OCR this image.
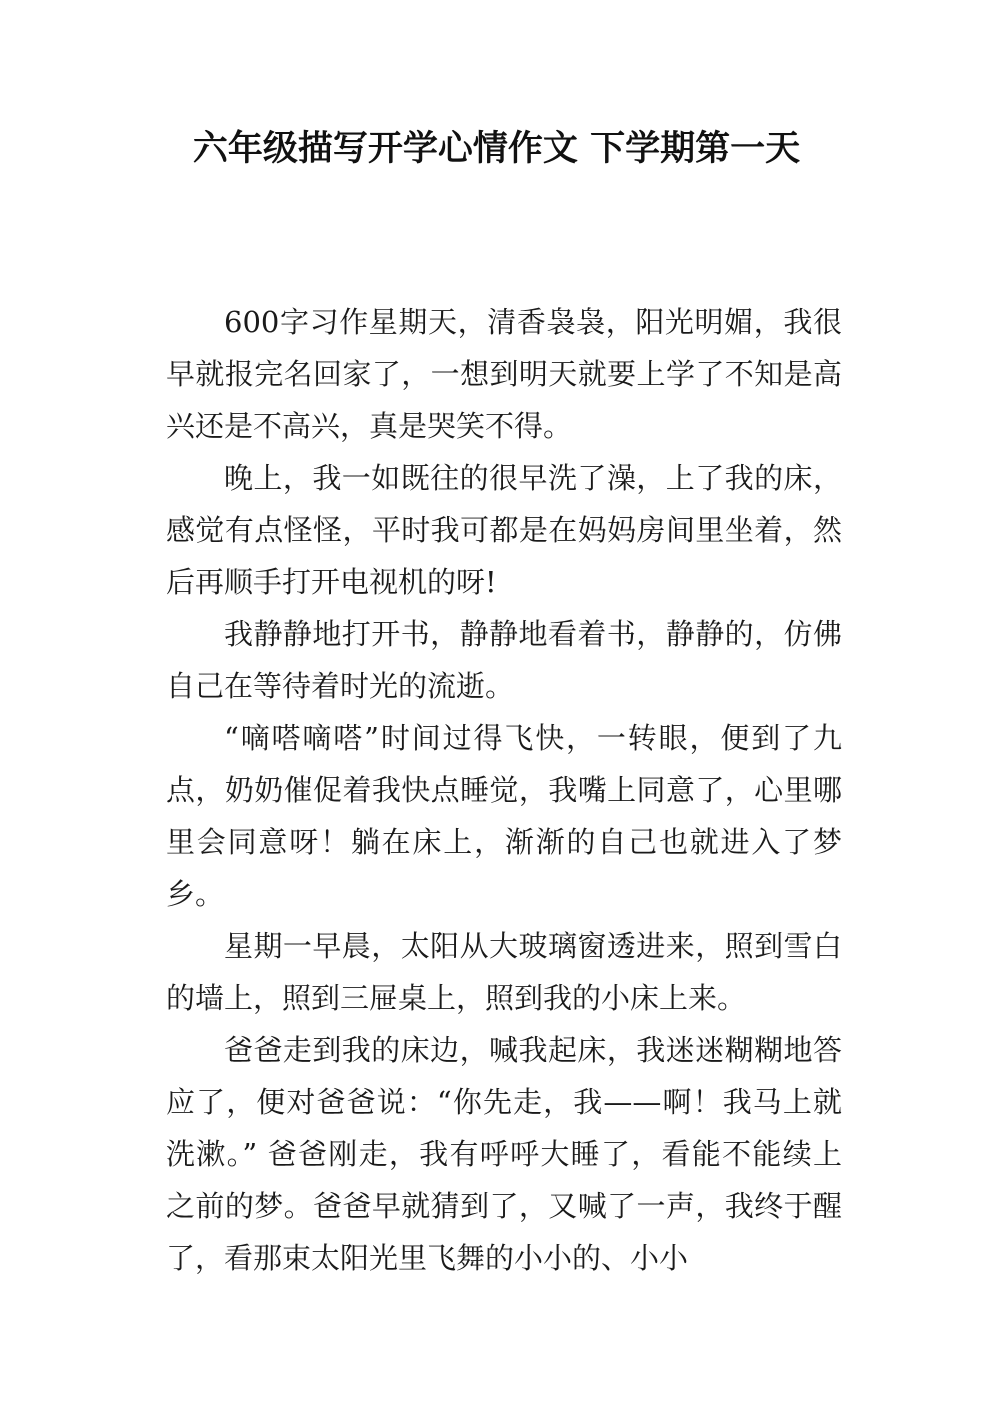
六年级描写开学心情作文 下学期第一天

600字习作星期天，清香袅袅，阳光明媚，我很早就报完名回家了，一想到明天就要上学了不知是高兴还是不高兴，真是哭笑不得。

晚上，我一如既往的很早洗了澡，上了我的床，感觉有点怪怪，平时我可都是在妈妈房间里坐着，然后再顺手打开电视机的呀!

我静静地打开书，静静地看着书，静静的，仿佛自己在等待着时光的流逝。

“嘀嗒嘀嗒”时间过得飞快，一转眼，便到了九点，奶奶催促着我快点睡觉，我嘴上同意了，心里哪里会同意呀！躺在床上，渐渐的自己也就进入了梦乡。

星期一早晨，太阳从大玻璃窗透进来，照到雪白的墙上，照到三屉桌上，照到我的小床上来。

爸爸走到我的床边，喊我起床，我迷迷糊糊地答应了，便对爸爸说：“你先走，我——啊！我马上就洗漱。” 爸爸刚走，我有呼呼大睡了，看能不能续上之前的梦。爸爸早就猜到了，又喊了一声，我终于醒了，看那束太阳光里飞舞的小小的、小小
